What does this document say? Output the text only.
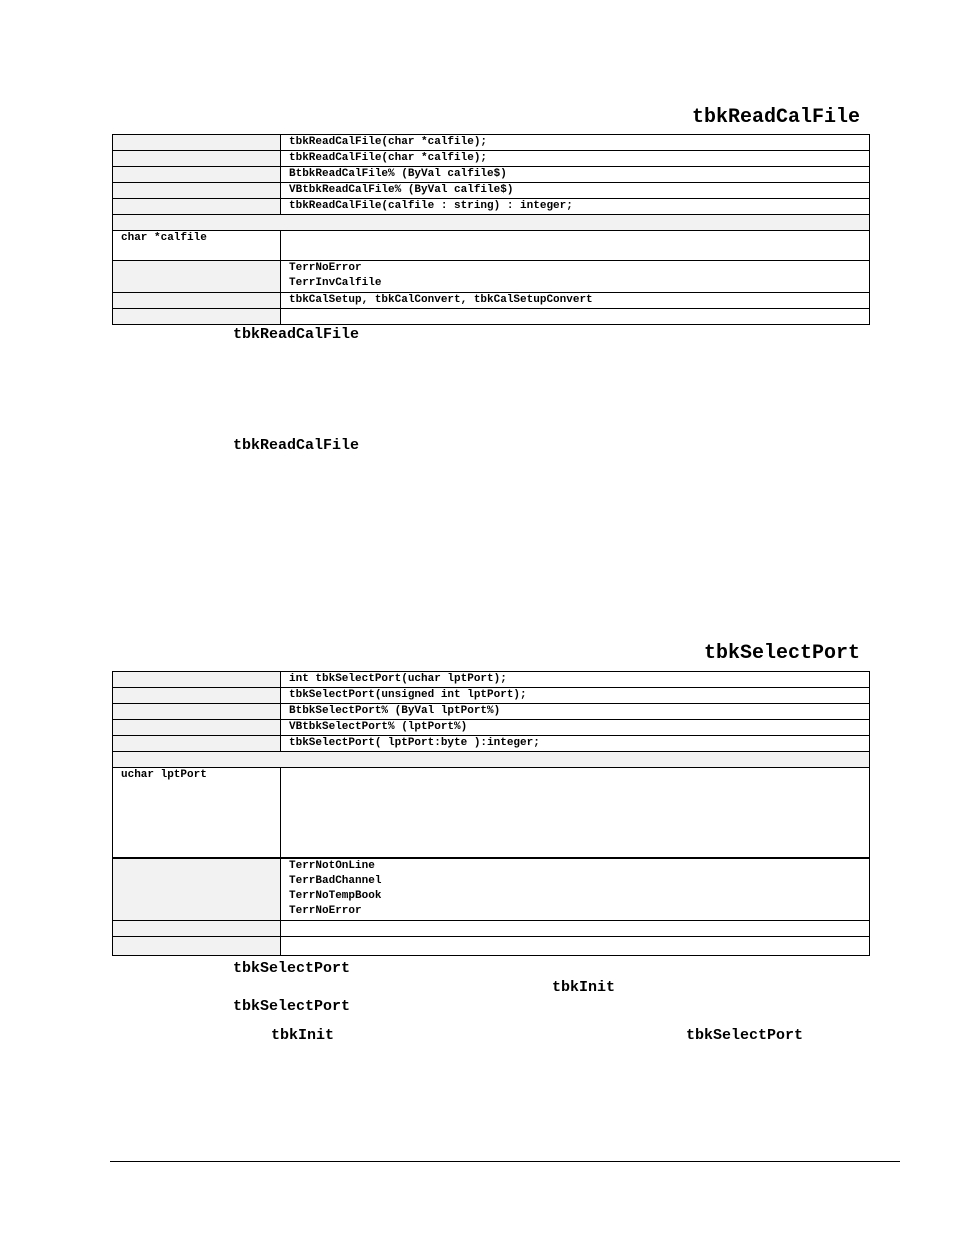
tbkReadCalFile
	tbkReadCalFile(char *calfile);
	tbkReadCalFile(char *calfile);
	BtbkReadCalFile% (ByVal calfile$)
	VBtbkReadCalFile% (ByVal calfile$)
	tbkReadCalFile(calfile : string) : integer;

char *calfile	

	TerrNoError
TerrInvCalfile

	tbkCalSetup, tbkCalConvert, tbkCalSetupConvert

tbkReadCalFile
tbkReadCalFile
tbkSelectPort
	int tbkSelectPort(uchar lptPort);
	tbkSelectPort(unsigned int lptPort);
	BtbkSelectPort% (ByVal lptPort%)
	VBtbkSelectPort% (lptPort%)
	tbkSelectPort( lptPort:byte ):integer;

uchar lptPort	

	TerrNotOnLine
TerrBadChannel
TerrNoTempBook
TerrNoError

tbkSelectPort
tbkInit
tbkSelectPort
tbkInit	tbkSelectPort
